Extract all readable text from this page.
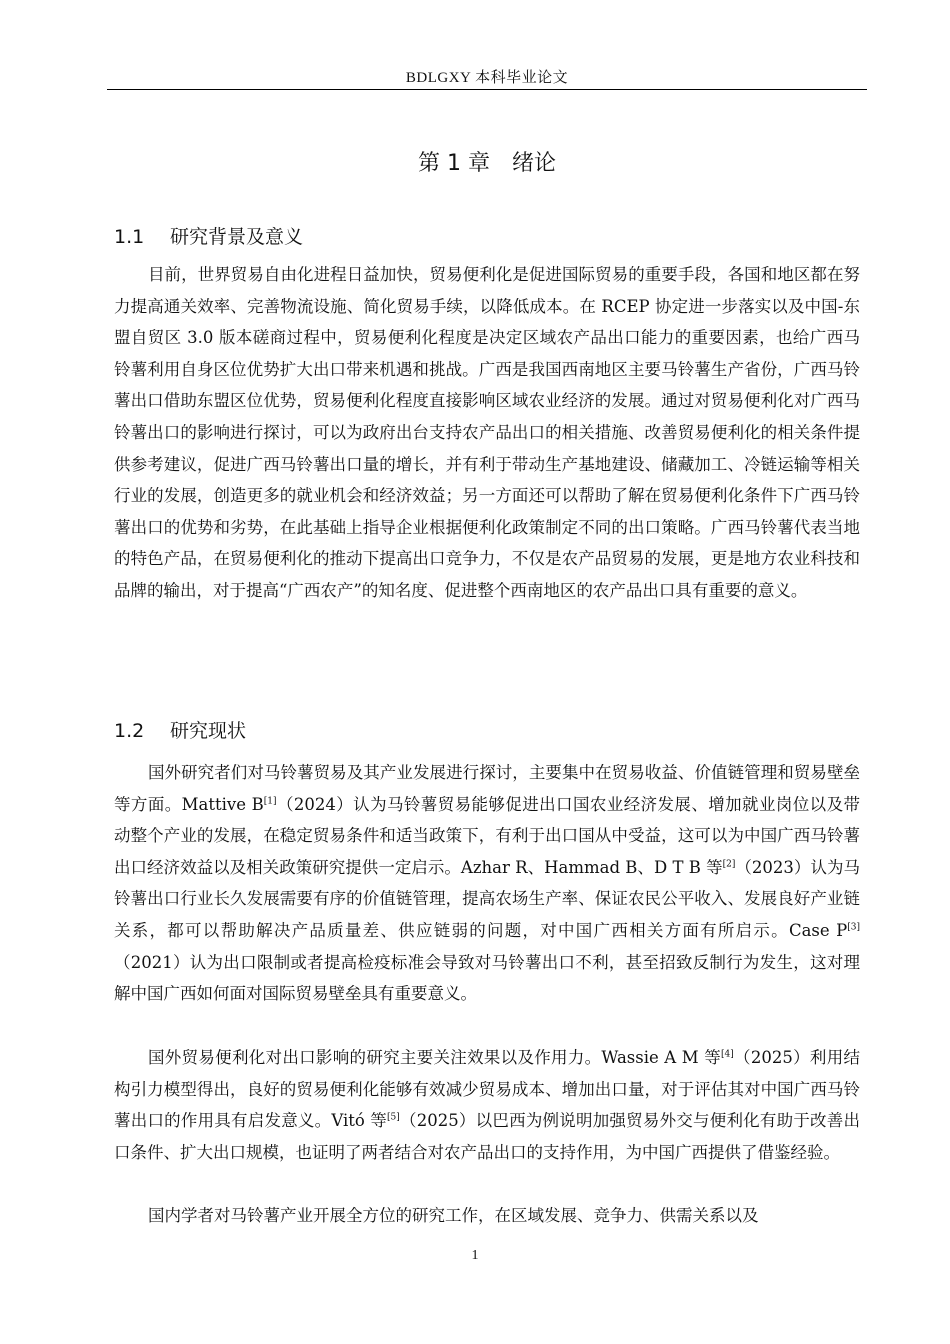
BDLGXY 本科毕业论文
第 1 章　绪论
1.1 研究背景及意义

目前，世界贸易自由化进程日益加快，贸易便利化是促进国际贸易的重要手段，各国和地区都在努力提高通关效率、完善物流设施、简化贸易手续，以降低成本。在 RCEP 协定进一步落实以及中国-东盟自贸区 3.0 版本磋商过程中，贸易便利化程度是决定区域农产品出口能力的重要因素，也给广西马铃薯利用自身区位优势扩大出口带来机遇和挑战。广西是我国西南地区主要马铃薯生产省份，广西马铃薯出口借助东盟区位优势，贸易便利化程度直接影响区域农业经济的发展。通过对贸易便利化对广西马铃薯出口的影响进行探讨，可以为政府出台支持农产品出口的相关措施、改善贸易便利化的相关条件提供参考建议，促进广西马铃薯出口量的增长，并有利于带动生产基地建设、储藏加工、冷链运输等相关行业的发展，创造更多的就业机会和经济效益；另一方面还可以帮助了解在贸易便利化条件下广西马铃薯出口的优势和劣势，在此基础上指导企业根据便利化政策制定不同的出口策略。广西马铃薯代表当地的特色产品，在贸易便利化的推动下提高出口竞争力，不仅是农产品贸易的发展，更是地方农业科技和品牌的输出，对于提高“广西农产”的知名度、促进整个西南地区的农产品出口具有重要的意义。

1.2 研究现状

国外研究者们对马铃薯贸易及其产业发展进行探讨，主要集中在贸易收益、价值链管理和贸易壁垒等方面。Mattive B[1]（2024）认为马铃薯贸易能够促进出口国农业经济发展、增加就业岗位以及带动整个产业的发展，在稳定贸易条件和适当政策下，有利于出口国从中受益，这可以为中国广西马铃薯出口经济效益以及相关政策研究提供一定启示。Azhar R、Hammad B、D T B 等[2]（2023）认为马铃薯出口行业长久发展需要有序的价值链管理，提高农场生产率、保证农民公平收入、发展良好产业链关系，都可以帮助解决产品质量差、供应链弱的问题，对中国广西相关方面有所启示。Case P[3]（2021）认为出口限制或者提高检疫标准会导致对马铃薯出口不利，甚至招致反制行为发生，这对理解中国广西如何面对国际贸易壁垒具有重要意义。

国外贸易便利化对出口影响的研究主要关注效果以及作用力。Wassie A M 等[4]（2025）利用结构引力模型得出，良好的贸易便利化能够有效减少贸易成本、增加出口量，对于评估其对中国广西马铃薯出口的作用具有启发意义。Vitó 等[5]（2025）以巴西为例说明加强贸易外交与便利化有助于改善出口条件、扩大出口规模，也证明了两者结合对农产品出口的支持作用，为中国广西提供了借鉴经验。

国内学者对马铃薯产业开展全方位的研究工作，在区域发展、竞争力、供需关系以及

1
